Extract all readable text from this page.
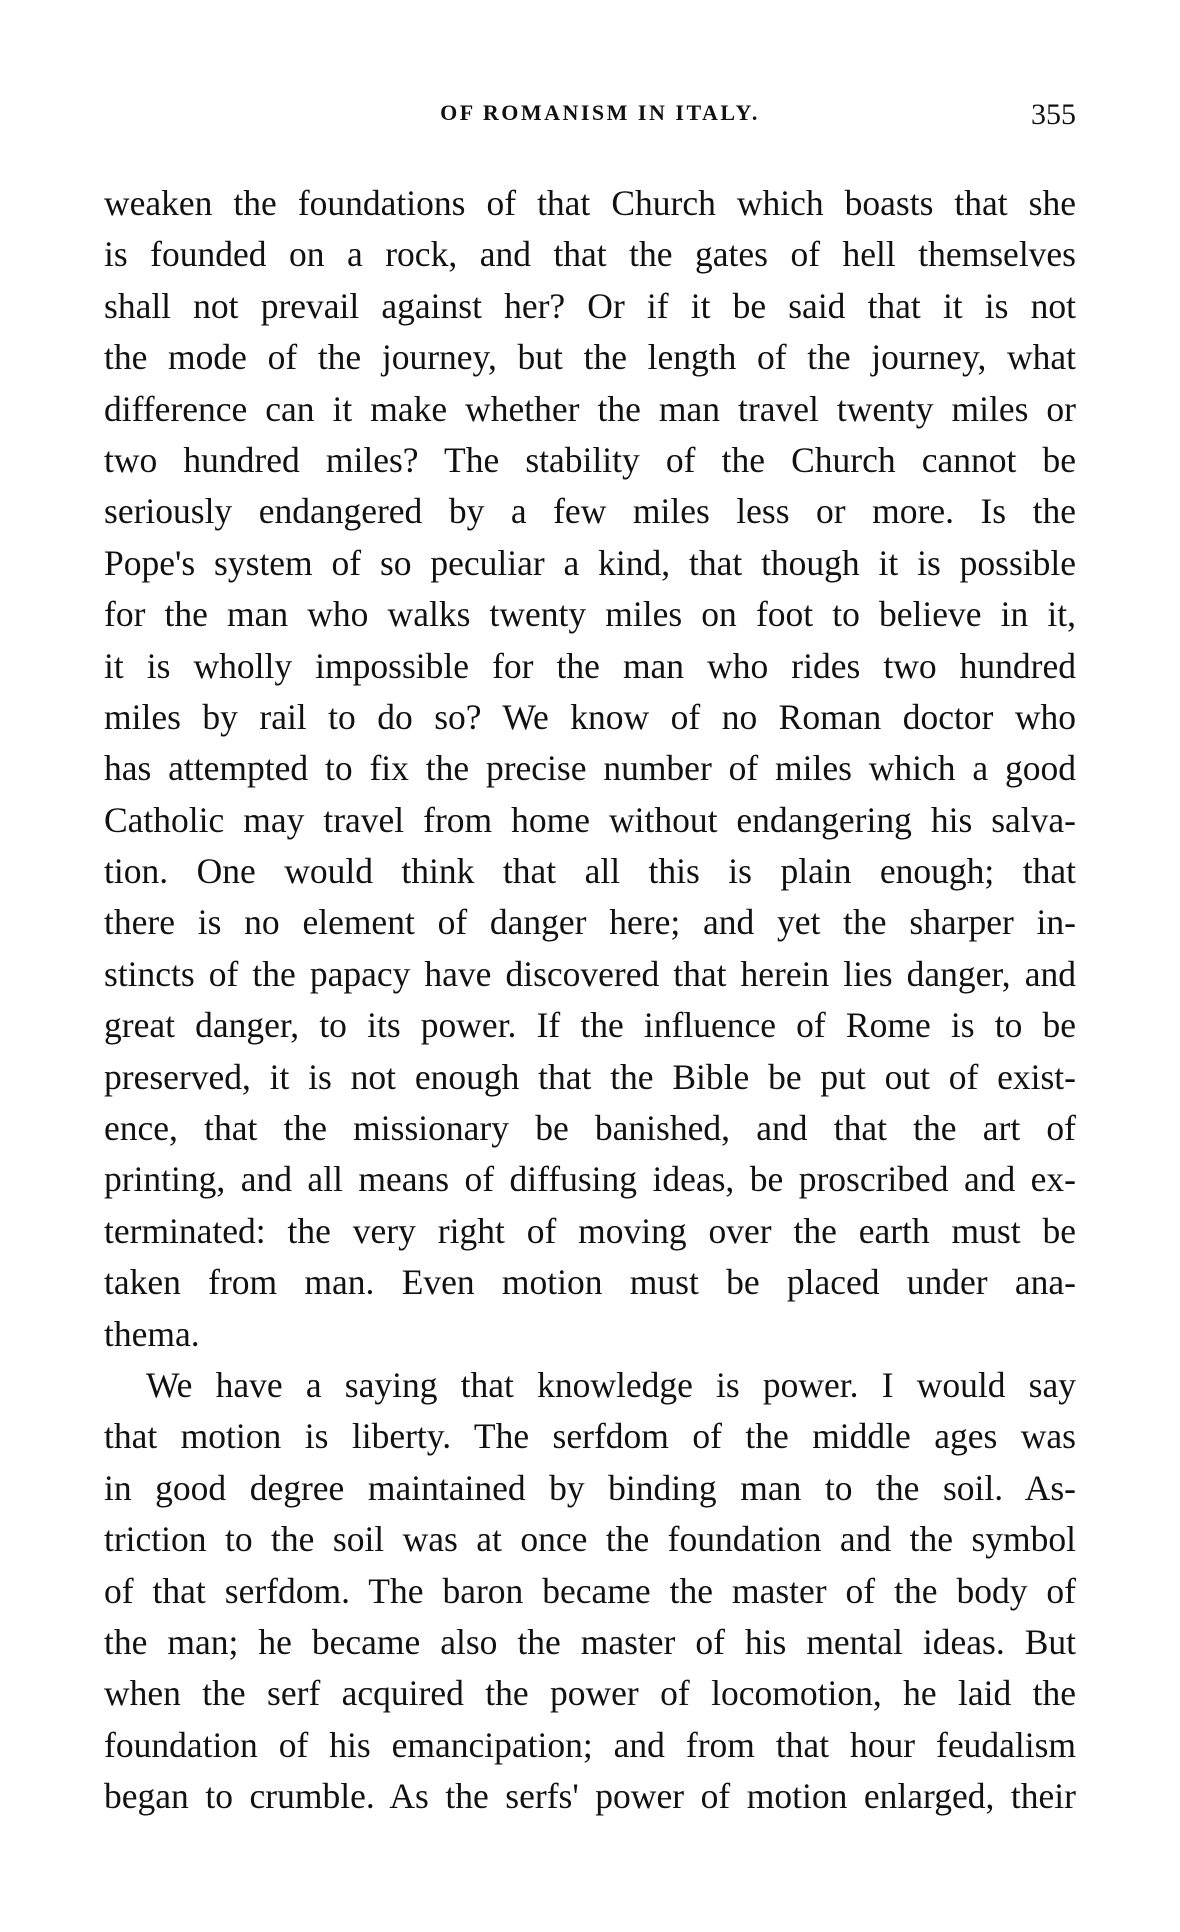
OF ROMANISM IN ITALY.	355
weaken the foundations of that Church which boasts that she
is founded on a rock, and that the gates of hell themselves
shall not prevail against her? Or if it be said that it is not
the mode of the journey, but the length of the journey, what
difference can it make whether the man travel twenty miles or
two hundred miles? The stability of the Church cannot be
seriously endangered by a few miles less or more. Is the
Pope's system of so peculiar a kind, that though it is possible
for the man who walks twenty miles on foot to believe in it,
it is wholly impossible for the man who rides two hundred
miles by rail to do so? We know of no Roman doctor who
has attempted to fix the precise number of miles which a good
Catholic may travel from home without endangering his salva-
tion. One would think that all this is plain enough; that
there is no element of danger here; and yet the sharper in-
stincts of the papacy have discovered that herein lies danger, and
great danger, to its power. If the influence of Rome is to be
preserved, it is not enough that the Bible be put out of exist-
ence, that the missionary be banished, and that the art of
printing, and all means of diffusing ideas, be proscribed and ex-
terminated: the very right of moving over the earth must be
taken from man. Even motion must be placed under ana-
thema.
We have a saying that knowledge is power. I would say
that motion is liberty. The serfdom of the middle ages was
in good degree maintained by binding man to the soil. As-
triction to the soil was at once the foundation and the symbol
of that serfdom. The baron became the master of the body of
the man; he became also the master of his mental ideas. But
when the serf acquired the power of locomotion, he laid the
foundation of his emancipation; and from that hour feudalism
began to crumble. As the serfs' power of motion enlarged, their
